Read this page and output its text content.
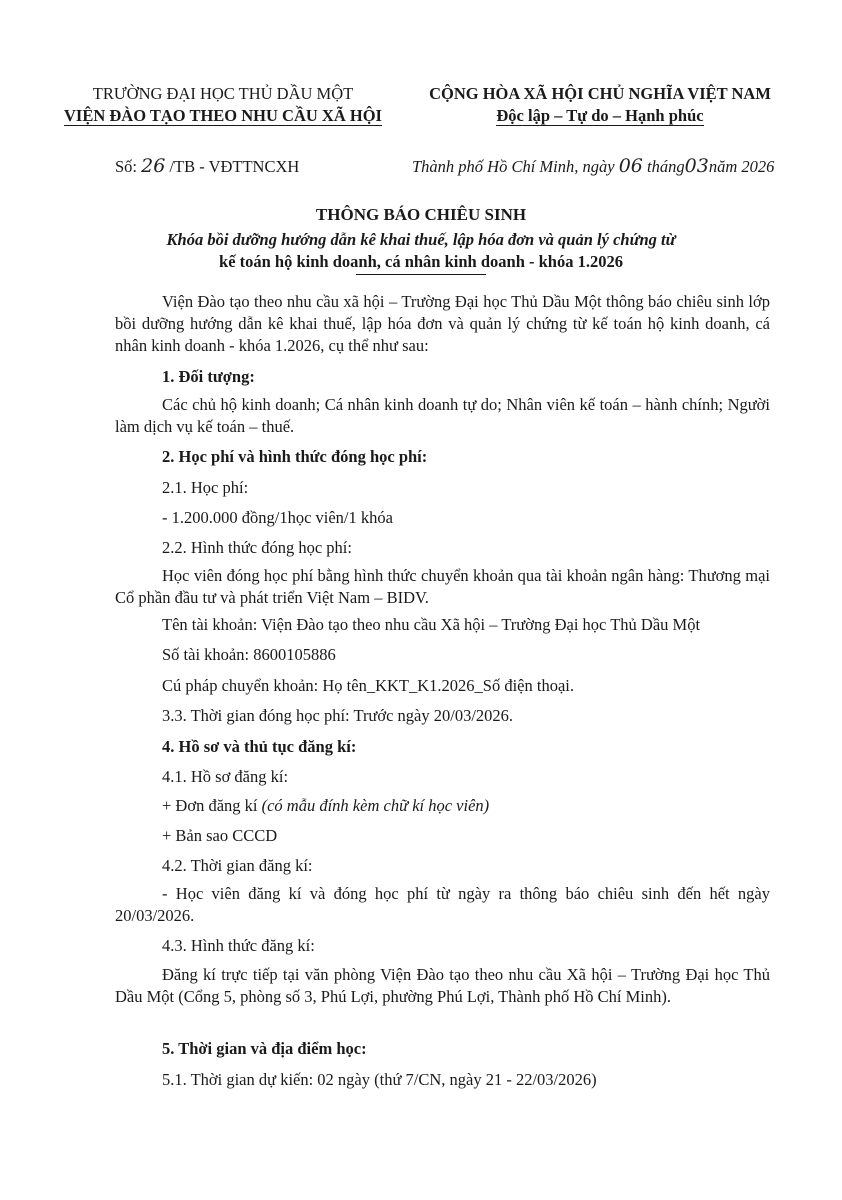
TRƯỜNG ĐẠI HỌC THỦ DẦU MỘT
VIỆN ĐÀO TẠO THEO NHU CẦU XÃ HỘI
CỘNG HÒA XÃ HỘI CHỦ NGHĨA VIỆT NAM
Độc lập – Tự do – Hạnh phúc
Số: 26 /TB - VĐTTNCXH	Thành phố Hồ Chí Minh, ngày 06 tháng03năm 2026
THÔNG BÁO CHIÊU SINH
Khóa bồi dưỡng hướng dẫn kê khai thuế, lập hóa đơn và quản lý chứng từ
kế toán hộ kinh doanh, cá nhân kinh doanh - khóa 1.2026
Viện Đào tạo theo nhu cầu xã hội – Trường Đại học Thủ Dầu Một thông báo chiêu sinh lớp bồi dưỡng hướng dẫn kê khai thuế, lập hóa đơn và quản lý chứng từ kế toán hộ kinh doanh, cá nhân kinh doanh - khóa 1.2026, cụ thể như sau:
1. Đối tượng:
Các chủ hộ kinh doanh; Cá nhân kinh doanh tự do; Nhân viên kế toán – hành chính; Người làm dịch vụ kế toán – thuế.
2. Học phí và hình thức đóng học phí:
2.1. Học phí:
- 1.200.000 đồng/1học viên/1 khóa
2.2. Hình thức đóng học phí:
Học viên đóng học phí bằng hình thức chuyển khoản qua tài khoản ngân hàng: Thương mại Cổ phần đầu tư và phát triển Việt Nam – BIDV.
Tên tài khoản: Viện Đào tạo theo nhu cầu Xã hội – Trường Đại học Thủ Dầu Một
Số tài khoản: 8600105886
Cú pháp chuyển khoản: Họ tên_KKT_K1.2026_Số điện thoại.
3.3. Thời gian đóng học phí: Trước ngày 20/03/2026.
4. Hồ sơ và thủ tục đăng kí:
4.1. Hồ sơ đăng kí:
+ Đơn đăng kí (có mẫu đính kèm chữ kí học viên)
+ Bản sao CCCD
4.2. Thời gian đăng kí:
- Học viên đăng kí và đóng học phí từ ngày ra thông báo chiêu sinh đến hết ngày 20/03/2026.
4.3. Hình thức đăng kí:
Đăng kí trực tiếp tại văn phòng Viện Đào tạo theo nhu cầu Xã hội – Trường Đại học Thủ Dầu Một (Cổng 5, phòng số 3, Phú Lợi, phường Phú Lợi, Thành phố Hồ Chí Minh).
5. Thời gian và địa điểm học:
5.1. Thời gian dự kiến: 02 ngày (thứ 7/CN, ngày 21 - 22/03/2026)
